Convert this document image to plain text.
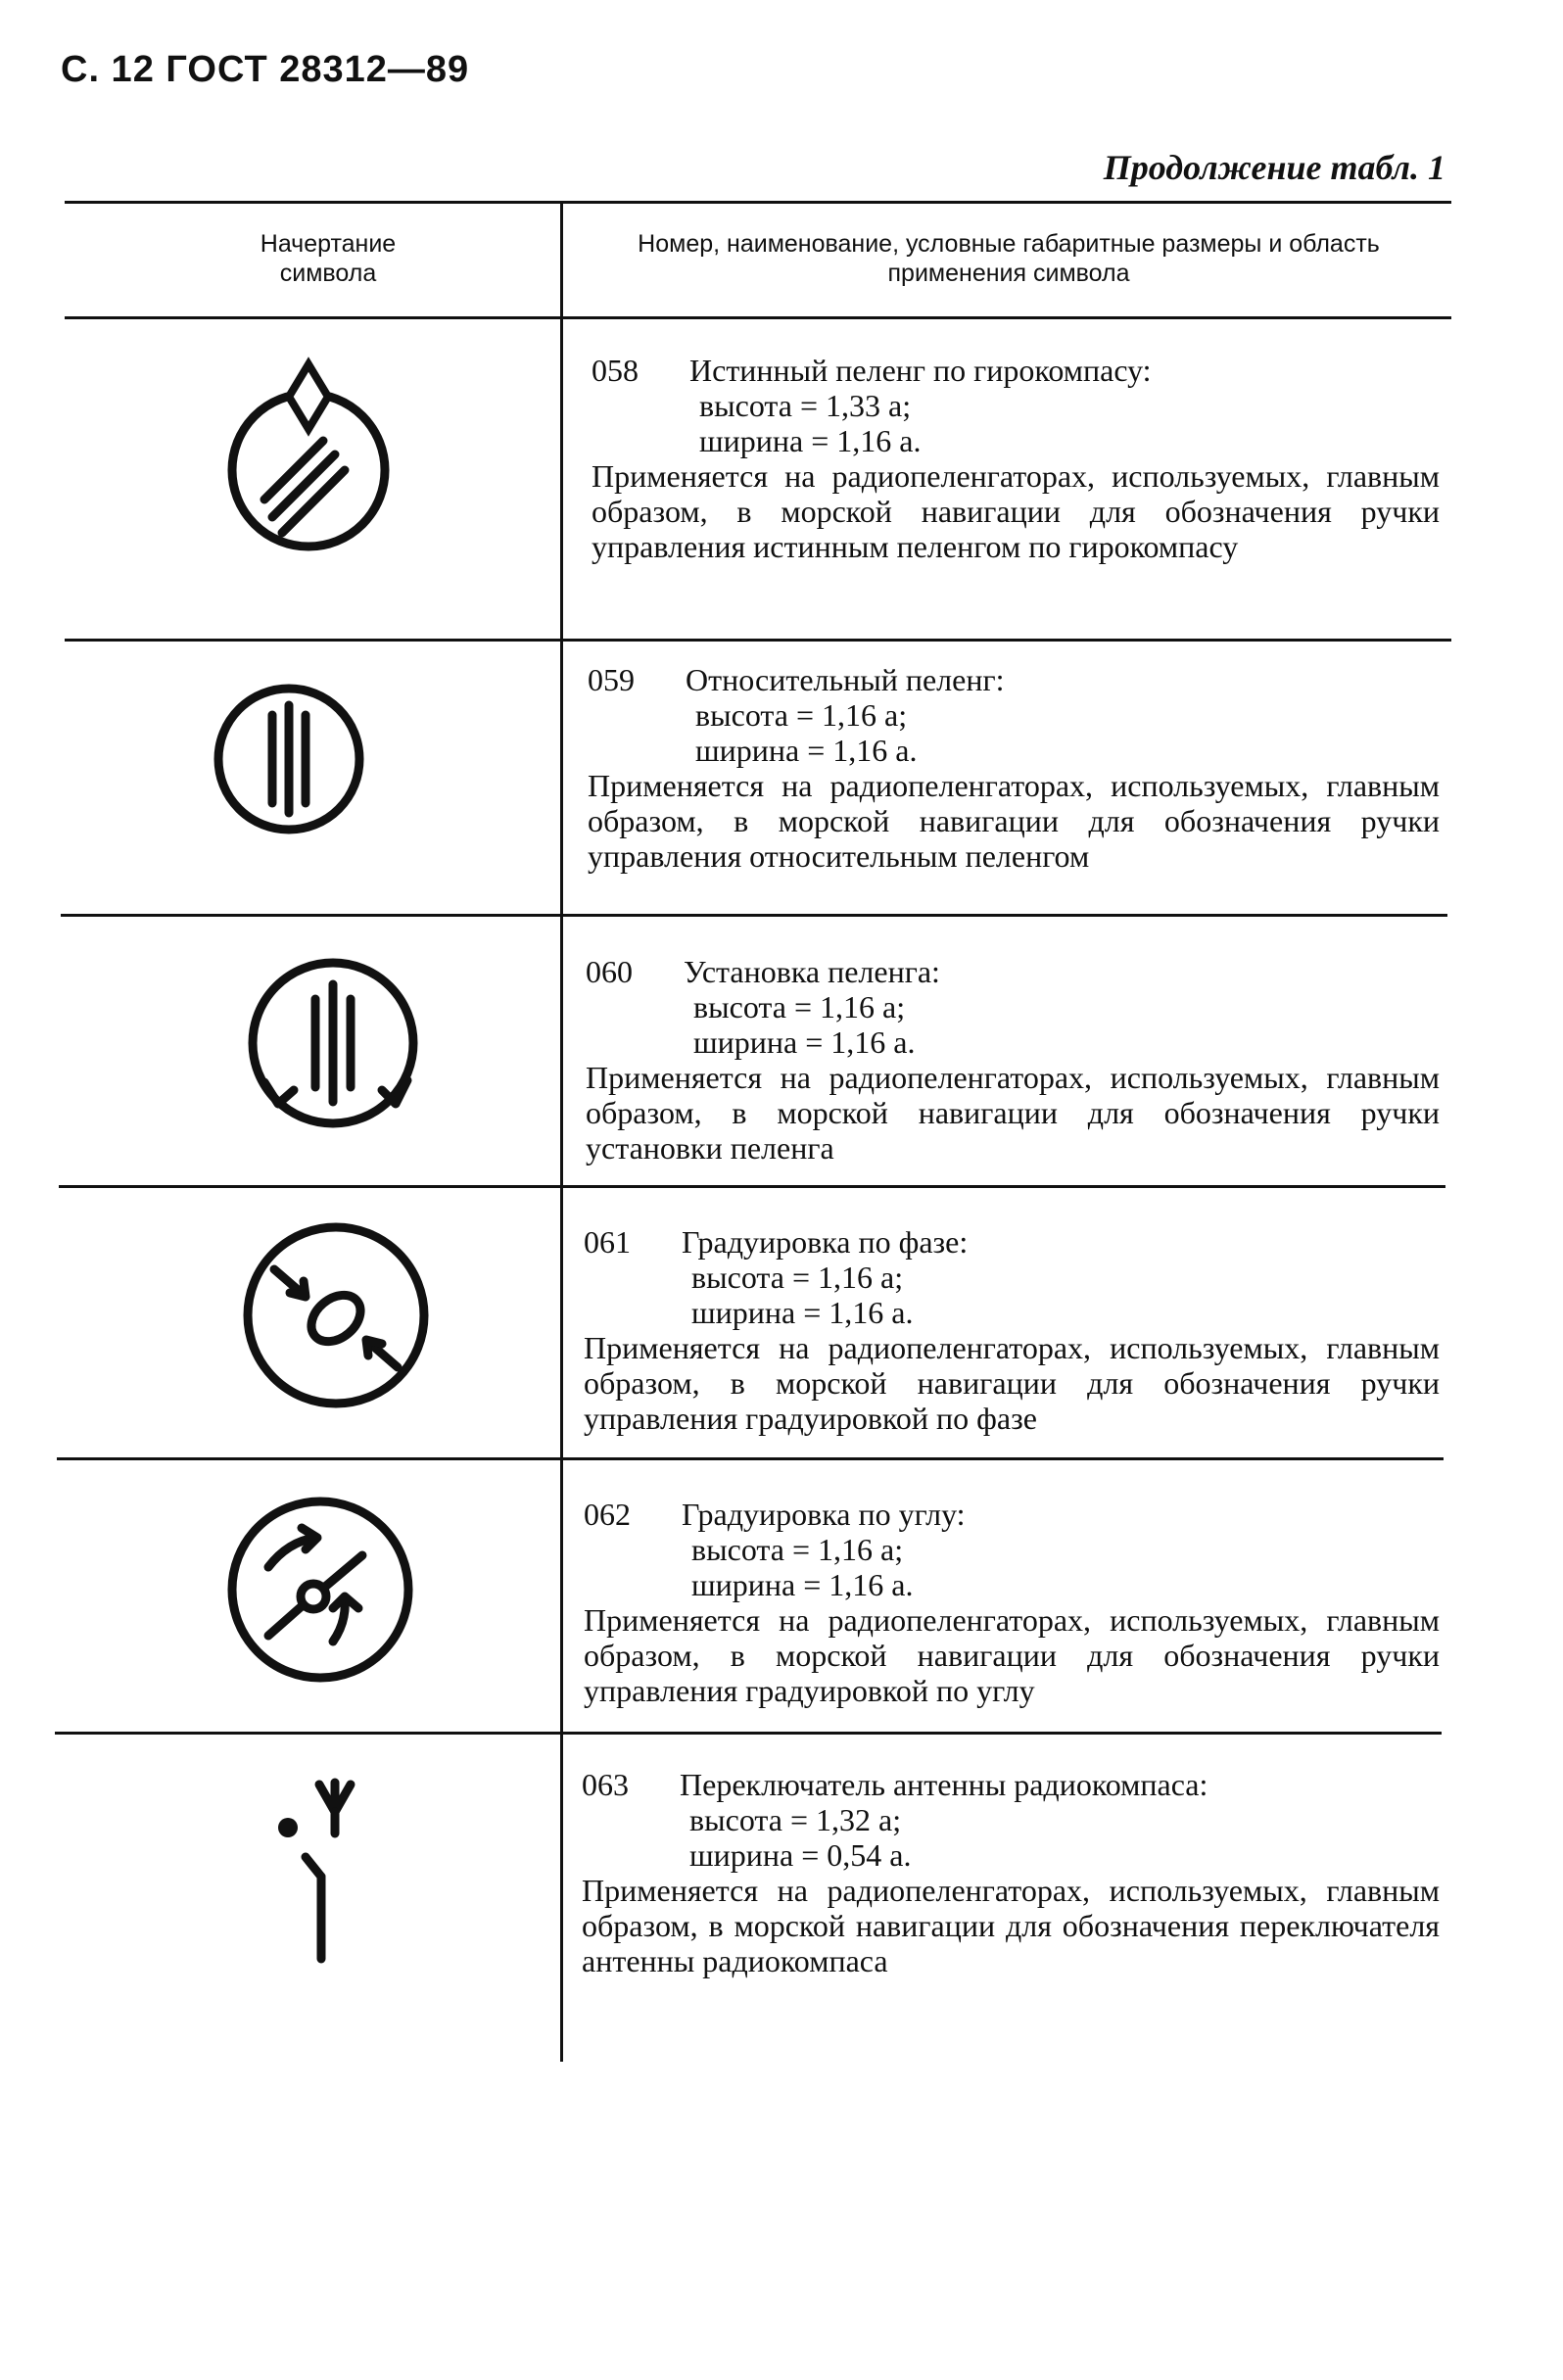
С. 12 ГОСТ 28312—89
Продолжение табл. 1
Начертание символа
Номер, наименование, условные габаритные размеры и область применения символа
058	Истинный пеленг по гирокомпасу:
высота = 1,33 a;
ширина = 1,16 a.
Применяется на радиопеленгаторах, используемых, главным образом, в морской навигации для обозначения ручки управления истинным пеленгом по гирокомпасу
059	Относительный пеленг:
высота = 1,16 a;
ширина = 1,16 a.
Применяется на радиопеленгаторах, используемых, главным образом, в морской навигации для обозначения ручки управления относительным пеленгом
060	Установка пеленга:
высота = 1,16 a;
ширина = 1,16 a.
Применяется на радиопеленгаторах, используемых, главным образом, в морской навигации для обозначения ручки установки пеленга
061	Градуировка по фазе:
высота = 1,16 a;
ширина = 1,16 a.
Применяется на радиопеленгаторах, используемых, главным образом, в морской навигации для обозначения ручки управления градуировкой по фазе
062	Градуировка по углу:
высота = 1,16 a;
ширина = 1,16 a.
Применяется на радиопеленгаторах, используемых, главным образом, в морской навигации для обозначения ручки управления градуировкой по углу
063	Переключатель антенны радиокомпаса:
высота = 1,32 a;
ширина = 0,54 a.
Применяется на радиопеленгаторах, используемых, главным образом, в морской навигации для обозначения переключателя антенны радиокомпаса
